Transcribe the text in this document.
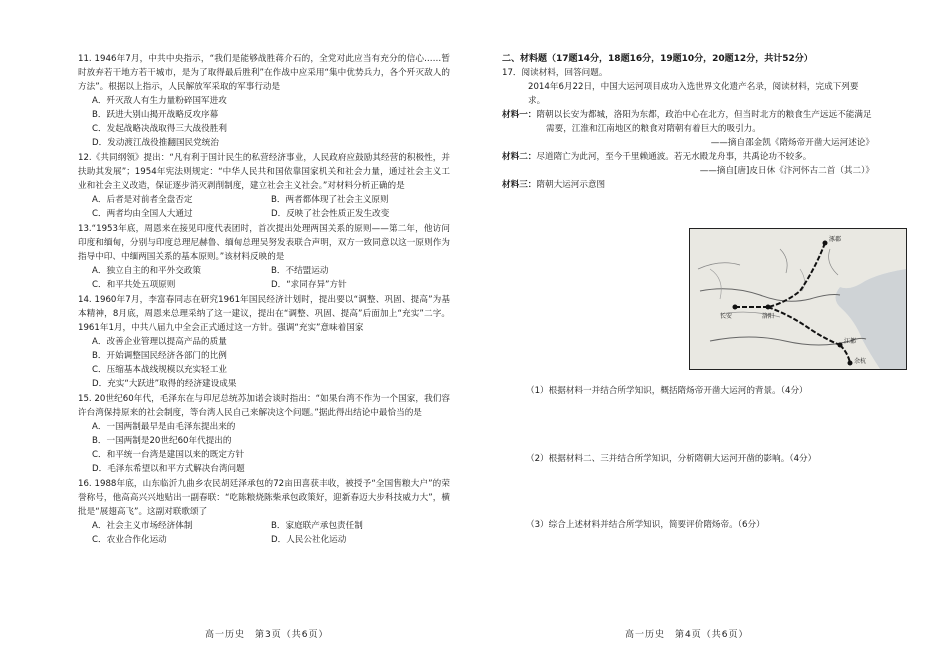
11. 1946年7月，中共中央指示，“我们是能够战胜蒋介石的，全党对此应当有充分的信心……暂时放弃若干地方若干城市，是为了取得最后胜利”在作战中应采用“集中优势兵力，各个歼灭敌人的方法”。根据以上指示，人民解放军采取的军事行动是

A．歼灭敌人有生力量粉碎国军进攻
B．跃进大别山揭开战略反攻序幕
C．发起战略决战取得三大战役胜利
D．发动渡江战役推翻国民党统治

12.《共同纲领》提出：“凡有利于国计民生的私营经济事业，人民政府应鼓励其经营的积极性，并扶助其发展”；1954年宪法则规定：“中华人民共和国依靠国家机关和社会力量，通过社会主义工业和社会主义改造，保证逐步消灭剥削制度，建立社会主义社会。”对材料分析正确的是

A．后者是对前者全盘否定	B．两者都体现了社会主义原则
C．两者均由全国人大通过	D．反映了社会性质正发生改变

13.“1953年底，周恩来在接见印度代表团时，首次提出处理两国关系的原则——第二年，他访问印度和缅甸，分别与印度总理尼赫鲁、缅甸总理吴努发表联合声明，双方一致同意以这一原则作为指导中印、中缅两国关系的基本原则。”该材料反映的是

A．独立自主的和平外交政策	B．不结盟运动
C．和平共处五项原则	D．“求同存异”方针

14. 1960年7月，李富春同志在研究1961年国民经济计划时，提出要以“调整、巩固、提高”为基本精神，8月底，周恩来总理采纳了这一建议，提出在“调整、巩固、提高”后面加上“充实”二字。1961年1月，中共八届九中全会正式通过这一方针。强调“充实”意味着国家

A．改善企业管理以提高产品的质量
B．开始调整国民经济各部门的比例
C．压缩基本战线规模以充实轻工业
D．充实“大跃进”取得的经济建设成果

15. 20世纪60年代，毛泽东在与印尼总统苏加诺会谈时指出：“如果台湾不作为一个国家，我们容许台湾保持原来的社会制度，等台湾人民自己来解决这个问题。”据此得出结论中最恰当的是

A．一国两制最早是由毛泽东提出来的
B．一国两制是20世纪60年代提出的
C．和平统一台湾是建国以来的既定方针
D．毛泽东希望以和平方式解决台湾问题

16. 1988年底，山东临沂九曲乡农民胡廷泽承包的72亩田喜获丰收，被授予“全国售粮大户”的荣誉称号，他高高兴兴地贴出一副春联：“吃陈粮烧陈柴承包政策好，迎新春迈大步科技威力大”，横批是“展翅高飞”。这副对联歌颂了

A．社会主义市场经济体制	B．家庭联产承包责任制
C．农业合作化运动	D．人民公社化运动
高一历史　第3页（共6页）

二、材料题（17题14分，18题16分，19题10分，20题12分，共计52分）

17．阅读材料，回答问题。

2014年6月22日，中国大运河项目成功入选世界文化遗产名录，阅读材料，完成下列要求。

材料一：隋朝以长安为都城，洛阳为东都，政治中心在北方，但当时北方的粮食生产远远不能满足需要，江淮和江南地区的粮食对隋朝有着巨大的吸引力。

——摘自邵金凯《隋炀帝开凿大运河述论》

材料二：尽道隋亡为此河，至今千里赖通波。若无水殿龙舟事，共禹论功不较多。

——摘自[唐]皮日休《汴河怀古二首（其二）》

材料三：隋朝大运河示意图

涿郡
长安	洛阳
江都
余杭
（1）根据材料一并结合所学知识，概括隋炀帝开凿大运河的背景。（4分）
（2）根据材料二、三并结合所学知识，分析隋朝大运河开凿的影响。（4分）
（3）综合上述材料并结合所学知识，简要评价隋炀帝。（6分）
高一历史　第4页（共6页）
